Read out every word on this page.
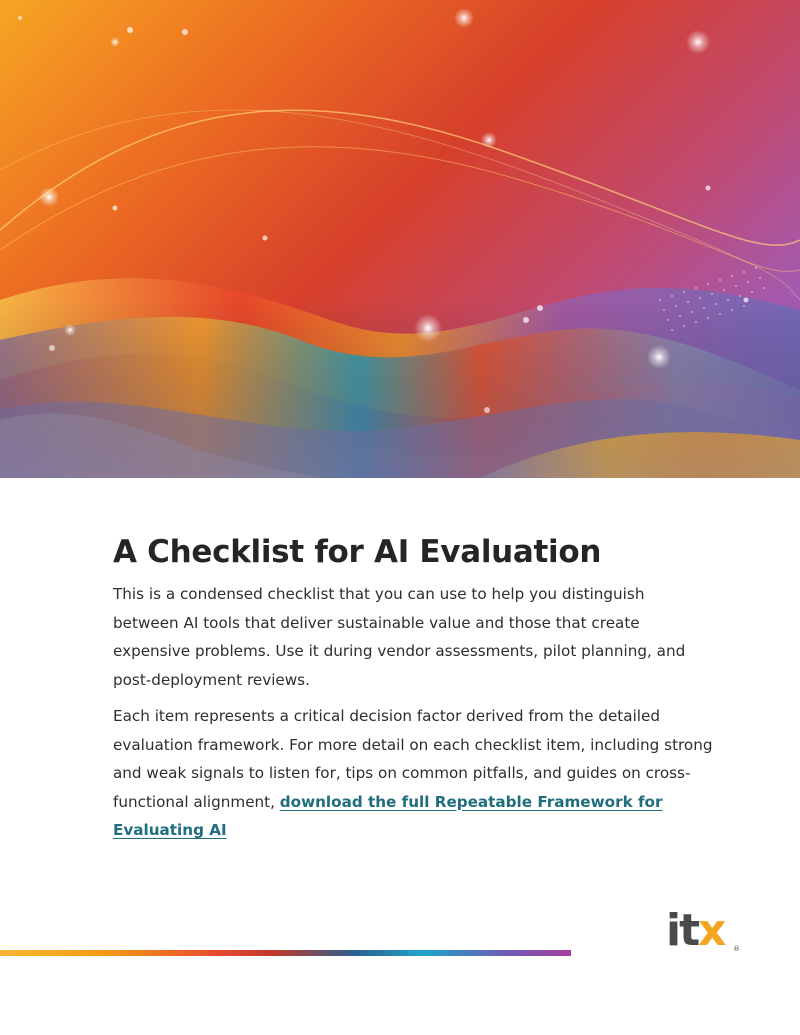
A Checklist for AI Evaluation

This is a condensed checklist that you can use to help you distinguish between AI tools that deliver sustainable value and those that create expensive problems. Use it during vendor assessments, pilot planning, and post-deployment reviews.

Each item represents a critical decision factor derived from the detailed evaluation framework. For more detail on each checklist item, including strong and weak signals to listen for, tips on common pitfalls, and guides on cross-functional alignment, download the full Repeatable Framework for Evaluating AI

itx ®
